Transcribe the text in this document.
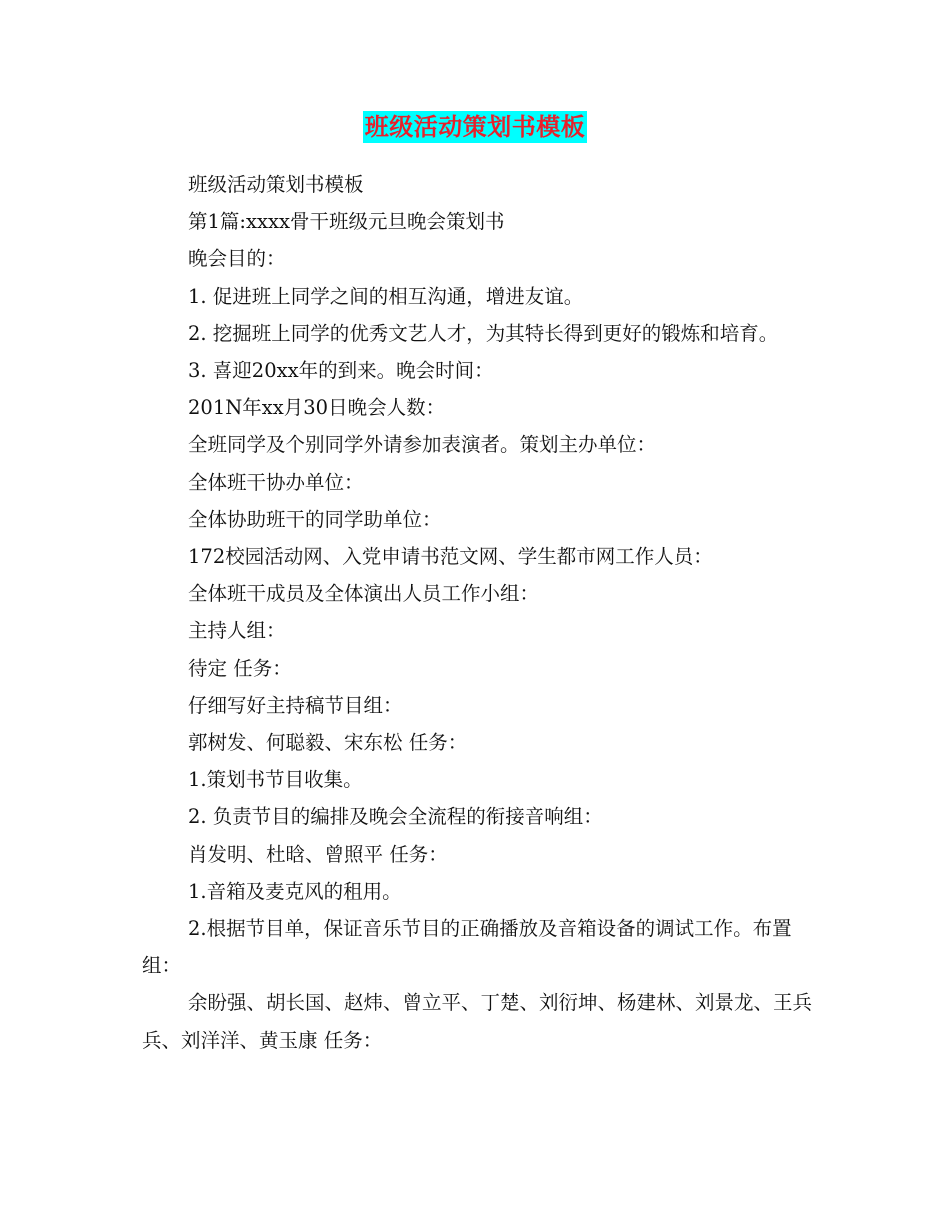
班级活动策划书模板

班级活动策划书模板

第1篇:xxxx骨干班级元旦晚会策划书

晚会目的：

1. 促进班上同学之间的相互沟通，增进友谊。

2. 挖掘班上同学的优秀文艺人才，为其特长得到更好的锻炼和培育。

3. 喜迎20xx年的到来。晚会时间：

201N年xx月30日晚会人数：

全班同学及个别同学外请参加表演者。策划主办单位：

全体班干协办单位：

全体协助班干的同学助单位：

172校园活动网、入党申请书范文网、学生都市网工作人员：

全体班干成员及全体演出人员工作小组：

主持人组：

待定 任务：

仔细写好主持稿节目组：

郭树发、何聪毅、宋东松 任务：

1.策划书节目收集。

2. 负责节目的编排及晚会全流程的衔接音响组：

肖发明、杜晗、曾照平 任务：

1.音箱及麦克风的租用。

2.根据节目单，保证音乐节目的正确播放及音箱设备的调试工作。布置组：

余盼强、胡长国、赵炜、曾立平、丁楚、刘衍坤、杨建林、刘景龙、王兵兵、刘洋洋、黄玉康 任务：
